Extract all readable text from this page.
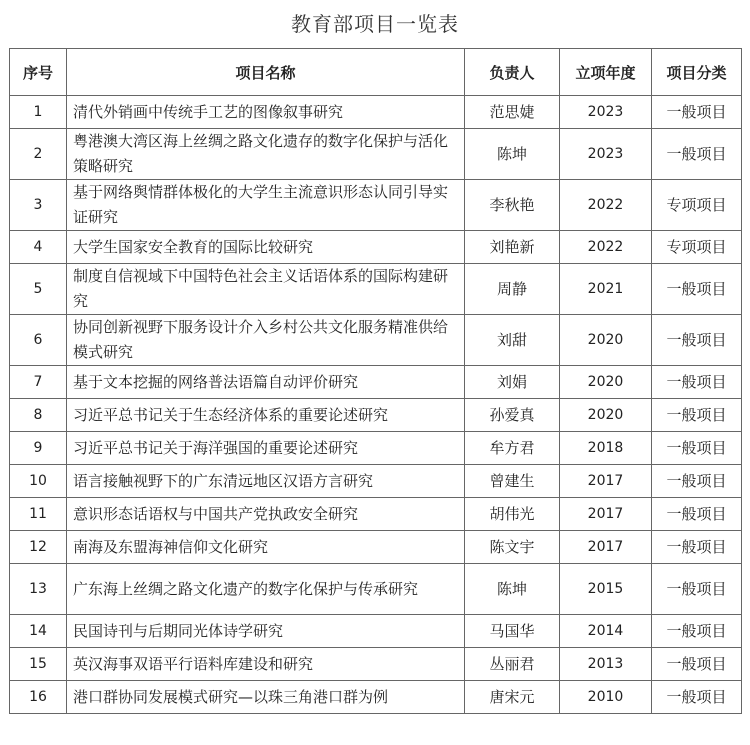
教育部项目一览表
序号	项目名称	负责人	立项年度	项目分类
1	清代外销画中传统手工艺的图像叙事研究	范思婕	2023	一般项目
2	粤港澳大湾区海上丝绸之路文化遗存的数字化保护与活化策略研究	陈坤	2023	一般项目
3	基于网络舆情群体极化的大学生主流意识形态认同引导实证研究	李秋艳	2022	专项项目
4	大学生国家安全教育的国际比较研究	刘艳新	2022	专项项目
5	制度自信视域下中国特色社会主义话语体系的国际构建研究	周静	2021	一般项目
6	协同创新视野下服务设计介入乡村公共文化服务精准供给模式研究	刘甜	2020	一般项目
7	基于文本挖掘的网络普法语篇自动评价研究	刘娟	2020	一般项目
8	习近平总书记关于生态经济体系的重要论述研究	孙爱真	2020	一般项目
9	习近平总书记关于海洋强国的重要论述研究	牟方君	2018	一般项目
10	语言接触视野下的广东清远地区汉语方言研究	曾建生	2017	一般项目
11	意识形态话语权与中国共产党执政安全研究	胡伟光	2017	一般项目
12	南海及东盟海神信仰文化研究	陈文宇	2017	一般项目
13	广东海上丝绸之路文化遗产的数字化保护与传承研究	陈坤	2015	一般项目
14	民国诗刊与后期同光体诗学研究	马国华	2014	一般项目
15	英汉海事双语平行语料库建设和研究	丛丽君	2013	一般项目
16	港口群协同发展模式研究—以珠三角港口群为例	唐宋元	2010	一般项目
